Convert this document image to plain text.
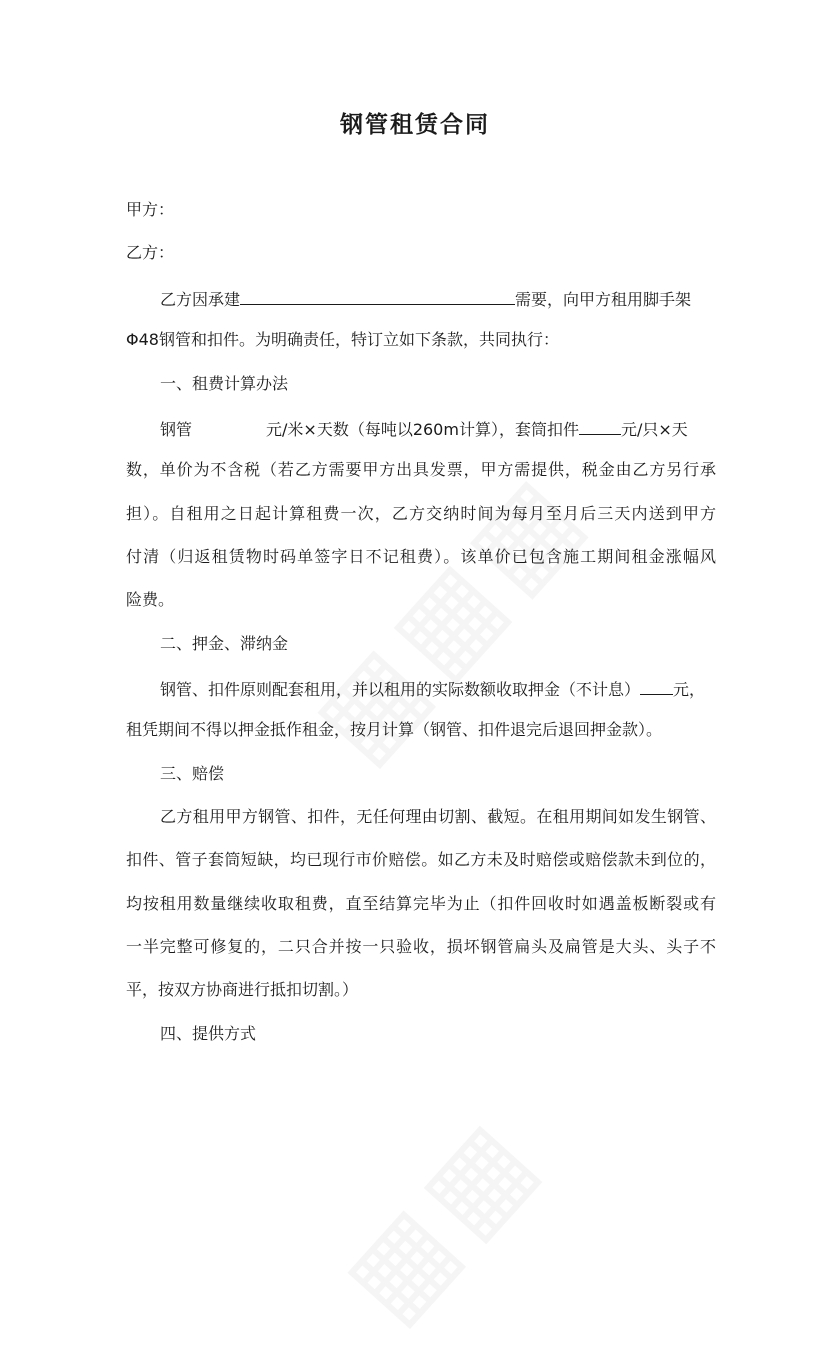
钢管租赁合同
甲方：
乙方：
乙方因承建	需要，向甲方租用脚手架
Φ48钢管和扣件。为明确责任，特订立如下条款，共同执行：
一、租费计算办法
钢管	元/米×天数（每吨以260m计算），套筒扣件	元/只×天
数，单价为不含税（若乙方需要甲方出具发票，甲方需提供，税金由乙方另行承
担）。自租用之日起计算租费一次，乙方交纳时间为每月至月后三天内送到甲方
付清（归返租赁物时码单签字日不记租费）。该单价已包含施工期间租金涨幅风
险费。
二、押金、滞纳金
钢管、扣件原则配套租用，并以租用的实际数额收取押金（不计息） 元，
租凭期间不得以押金抵作租金，按月计算（钢管、扣件退完后退回押金款）。
三、赔偿
乙方租用甲方钢管、扣件，无任何理由切割、截短。在租用期间如发生钢管、
扣件、管子套筒短缺，均已现行市价赔偿。如乙方未及时赔偿或赔偿款未到位的，
均按租用数量继续收取租费，直至结算完毕为止（扣件回收时如遇盖板断裂或有
一半完整可修复的，二只合并按一只验收，损坏钢管扁头及扁管是大头、头子不
平，按双方协商进行抵扣切割。）
四、提供方式
